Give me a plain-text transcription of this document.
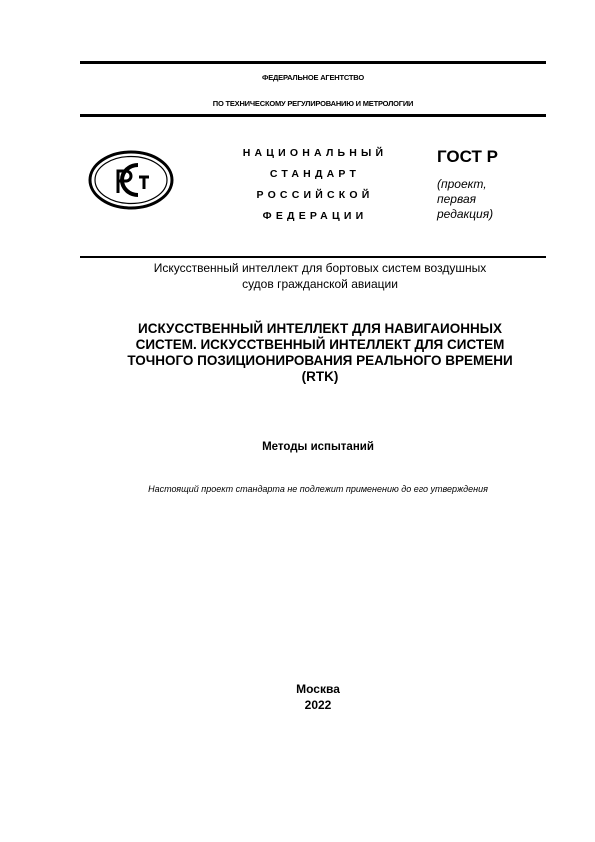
ФЕДЕРАЛЬНОЕ АГЕНТСТВО
ПО ТЕХНИЧЕСКОМУ РЕГУЛИРОВАНИЮ И МЕТРОЛОГИИ
НАЦИОНАЛЬНЫЙ
СТАНДАРТ
РОССИЙСКОЙ
ФЕДЕРАЦИИ
ГОСТ Р
(проект,
первая
редакция)
Искусственный интеллект для бортовых систем воздушных
судов гражданской авиации
ИСКУССТВЕННЫЙ ИНТЕЛЛЕКТ ДЛЯ НАВИГАИОННЫХ
СИСТЕМ. ИСКУССТВЕННЫЙ ИНТЕЛЛЕКТ ДЛЯ СИСТЕМ
ТОЧНОГО ПОЗИЦИОНИРОВАНИЯ РЕАЛЬНОГО ВРЕМЕНИ
(RTK)
Методы испытаний
Настоящий проект стандарта не подлежит применению до его утверждения
Москва
2022
